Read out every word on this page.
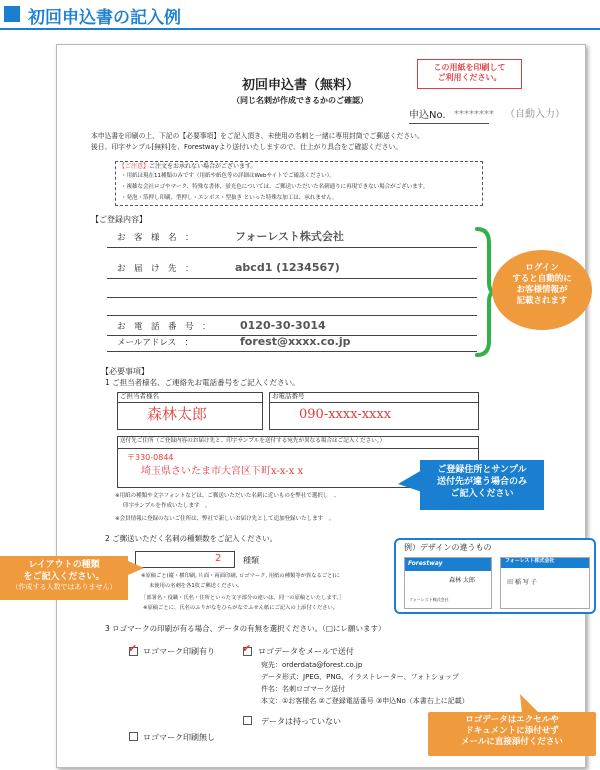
初回申込書の記入例
この用紙を印刷して
ご利用ください。
初回申込書（無料）
（同じ名刺が作成できるかのご確認）
申込No. ******** （自動入力）
本申込書を印刷の上、下記の【必要事項】をご記入頂き、未使用の名刺と一緒に専用封筒でご郵送ください。
後日、印字サンプル[無料]を、Forestwayより送付いたしますので、仕上がり具合をご確認ください。
【ご注意】 ご注文をお承れない場合がございます。
・用紙は現在11種類のみです（用紙や紙色等の詳細はWebサイトでご確認ください）。
・複雑な会社ロゴやマーク、特殊な書体、蛍光色については、ご郵送いただいた名刺通りに再現できない場合がございます。
・発泡・箔押し印刷、型押し・エンボス・型抜き といった特殊な加工は、承れません。
【ご登録内容】
お　客　様　名　：	フォーレスト株式会社
お　届　け　先　：	abcd1 (1234567)
お　電　話　番　号　：	0120-30-3014
メールアドレス　：	forest@xxxx.co.jp
【必要事項】
1 ご担当者様名、ご連絡先お電話番号をご記入ください。
ご担当者様名
森林太郎
お電話番号
090-xxxx-xxxx
送付先ご住所（ご登録内容のお届け先と、印字サンプルを送付する宛先が異なる場合はご記入ください。）
〒330-0844
埼玉県さいたま市大宮区下町x-x-x x
※用紙の種類や文字フォントなどは、ご郵送いただいた名刺に近いものを弊社で選択し　、
印字サンプルを作成いたします　。
※会員情報に登録のないご住所は、弊社で新しいお届け先として追加登録いたします　。
2 ご郵送いただく名刺の種類数をご記入ください。
2	種類
※原稿ごと(縦・横印刷, 片面・両面印刷, ロゴマーク, 用紙の種類等が異なるごと)に
未使用の名刺を各1枚ご郵送ください。
［部署名・役職・氏名・住所といった文字部分の違いは、同一の原稿といたします。］
※原稿ごとに、氏名のふりがなをひらがなでふせん紙にご記入の上添付ください。
3 ロゴマークの印刷が有る場合、データの有無を選択ください。（□にレ願います）
✔ ロゴマーク印刷有り ✔ ロゴデータをメールで送付
宛先：orderdata@forest.co.jp
データ形式：JPEG、PNG、イラストレーター、フォトショップ
件名：名刺ロゴマーク送付
本文：①お客様名 ②ご登録電話番号 ③申込No（本書右上に記載）
データは持っていない
ロゴマーク印刷無し
ログイン
すると自動的に
お客様情報が
記載されます
ご登録住所とサンプル
送付先が違う場合のみ
ご記入ください
レイアウトの種類
をご記入ください。
（作成する人数ではありません）
例）デザインの違うもの
Forestway
森林 太郎
フォーレスト株式会社
フォーレスト株式会社
田 稲 写 子
ロゴデータはエクセルや
ドキュメントに添付せず
メールに直接添付ください
